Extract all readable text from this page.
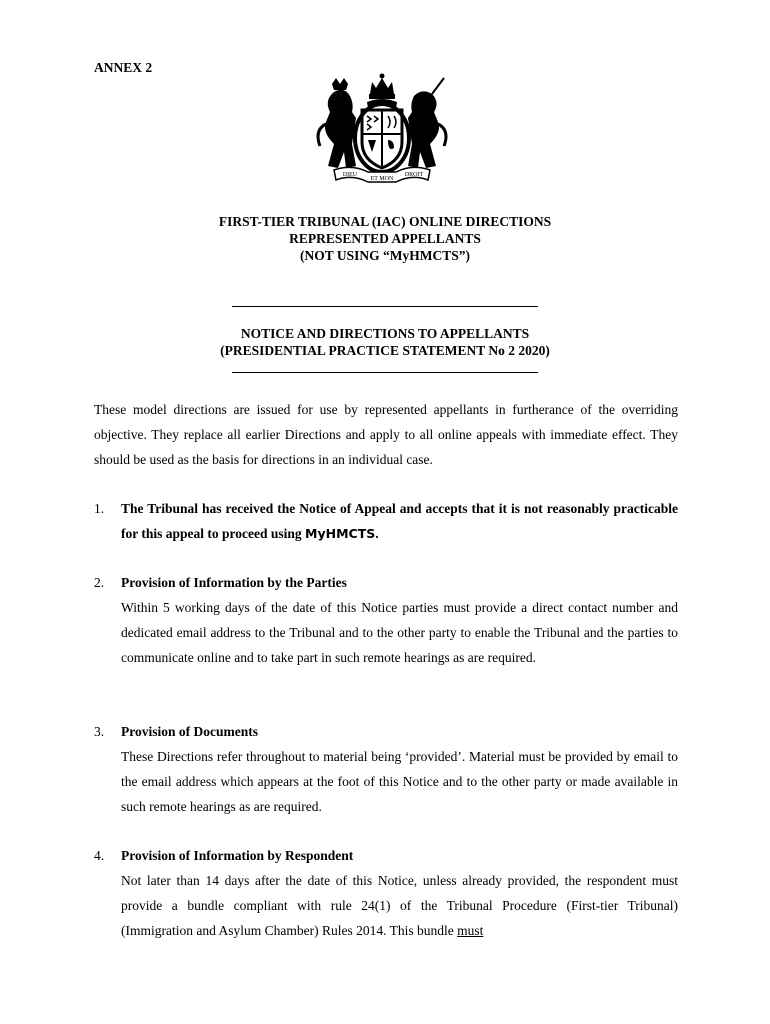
ANNEX 2
DIEU
ET MON
DROIT
FIRST-TIER TRIBUNAL (IAC) ONLINE DIRECTIONS
REPRESENTED APPELLANTS
(NOT USING “MyHMCTS”)
NOTICE AND DIRECTIONS TO APPELLANTS
(PRESIDENTIAL PRACTICE STATEMENT No 2 2020)
These model directions are issued for use by represented appellants in furtherance of the overriding objective. They replace all earlier Directions and apply to all online appeals with immediate effect. They should be used as the basis for directions in an individual case.
1. The Tribunal has received the Notice of Appeal and accepts that it is not reasonably practicable for this appeal to proceed using MyHMCTS.
2. Provision of Information by the Parties
Within 5 working days of the date of this Notice parties must provide a direct contact number and dedicated email address to the Tribunal and to the other party to enable the Tribunal and the parties to communicate online and to take part in such remote hearings as are required.
3. Provision of Documents
These Directions refer throughout to material being ‘provided’. Material must be provided by email to the email address which appears at the foot of this Notice and to the other party or made available in such remote hearings as are required.
4. Provision of Information by Respondent
Not later than 14 days after the date of this Notice, unless already provided, the respondent must provide a bundle compliant with rule 24(1) of the Tribunal Procedure (First-tier Tribunal) (Immigration and Asylum Chamber) Rules 2014. This bundle must
